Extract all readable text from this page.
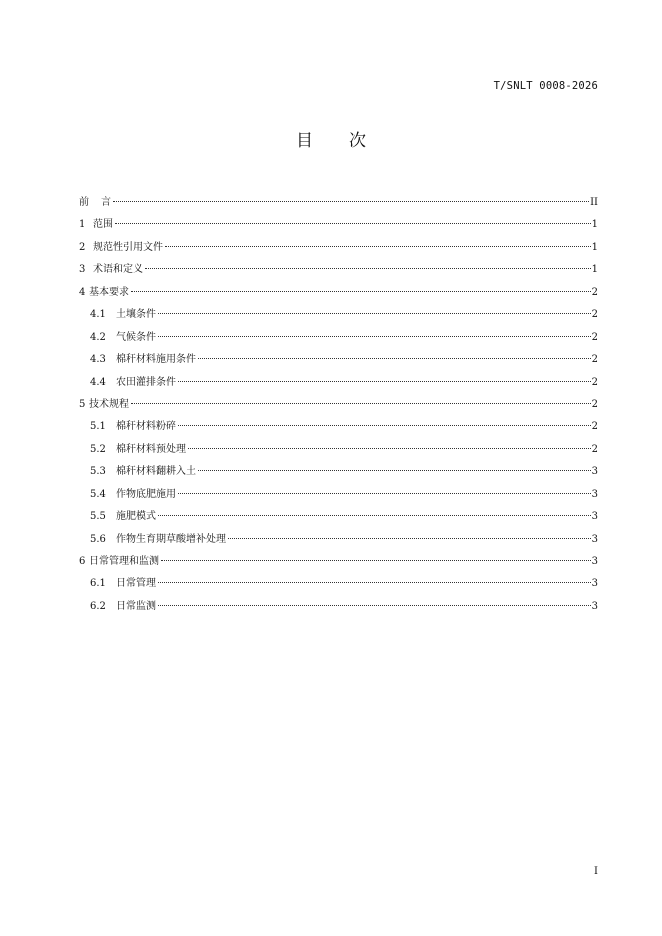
T/SNLT 0008-2026
目 次
前 言	II
1 范围	1
2 规范性引用文件	1
3 术语和定义	1
4 基本要求	2
4.1	土壤条件	2
4.2	气候条件	2
4.3	棉秆材料施用条件	2
4.4	农田灌排条件	2
5 技术规程	2
5.1	棉秆材料粉碎	2
5.2	棉秆材料预处理	2
5.3	棉秆材料翻耕入土	3
5.4	作物底肥施用	3
5.5	施肥模式	3
5.6	作物生育期草酸增补处理	3
6 日常管理和监测	3
6.1	日常管理	3
6.2	日常监测	3
I
